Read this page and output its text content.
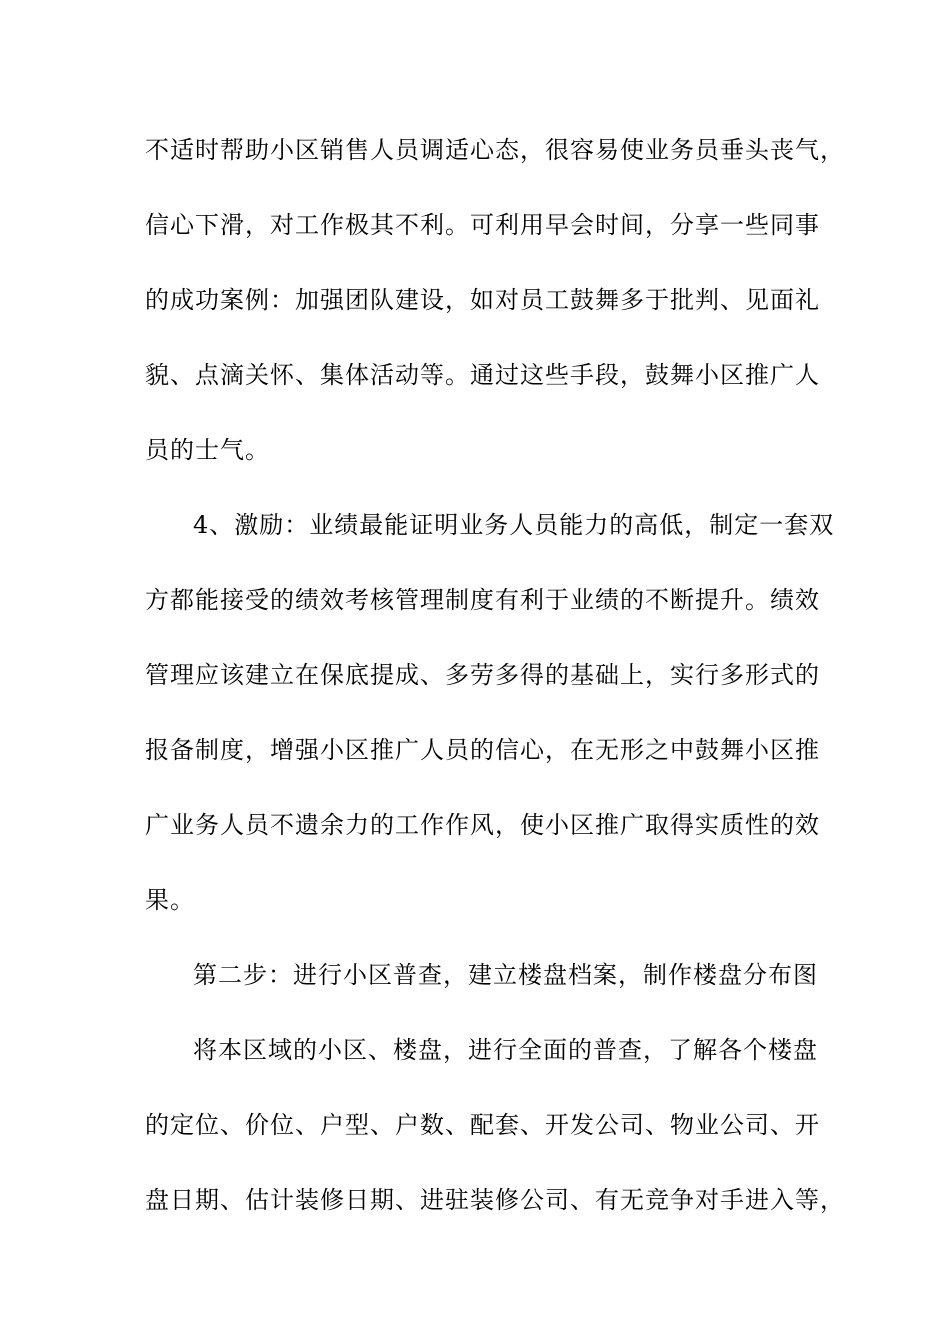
不适时帮助小区销售人员调适心态，很容易使业务员垂头丧气，
信心下滑，对工作极其不利。可利用早会时间，分享一些同事
的成功案例：加强团队建设，如对员工鼓舞多于批判、见面礼
貌、点滴关怀、集体活动等。通过这些手段，鼓舞小区推广人
员的士气。
4、激励：业绩最能证明业务人员能力的高低，制定一套双
方都能接受的绩效考核管理制度有利于业绩的不断提升。绩效
管理应该建立在保底提成、多劳多得的基础上，实行多形式的
报备制度，增强小区推广人员的信心，在无形之中鼓舞小区推
广业务人员不遗余力的工作作风，使小区推广取得实质性的效
果。
第二步：进行小区普查，建立楼盘档案，制作楼盘分布图
将本区域的小区、楼盘，进行全面的普查，了解各个楼盘
的定位、价位、户型、户数、配套、开发公司、物业公司、开
盘日期、估计装修日期、进驻装修公司、有无竞争对手进入等，
